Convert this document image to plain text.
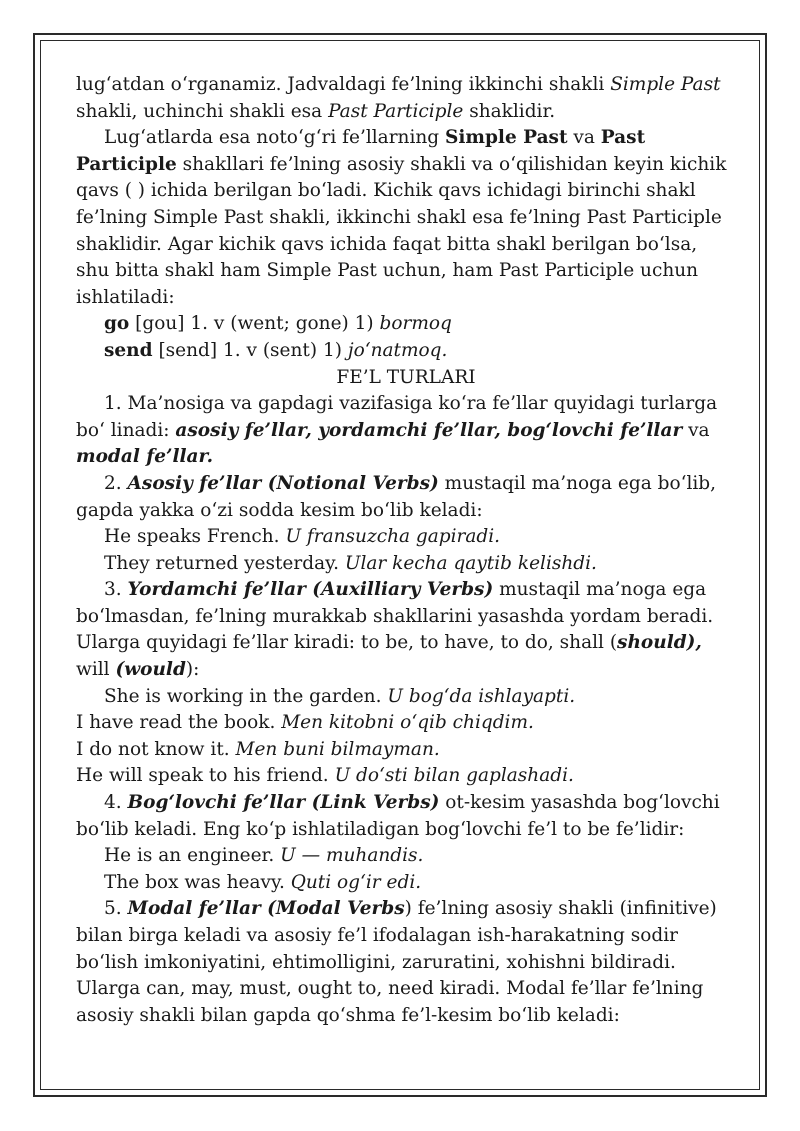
lug‘atdan o‘rganamiz. Jadvaldagi fe’lning ikkinchi shakli Simple Past shakli, uchinchi shakli esa Past Participle shaklidir.

Lug‘atlarda esa noto‘g‘ri fe’llarning Simple Past va Past Participle shakllari fe’lning asosiy shakli va o‘qilishidan keyin kichik qavs ( ) ichida berilgan bo‘ladi. Kichik qavs ichidagi birinchi shakl fe’lning Simple Past shakli, ikkinchi shakl esa fe’lning Past Participle shaklidir. Agar kichik qavs ichida faqat bitta shakl berilgan bo‘lsa, shu bitta shakl ham Simple Past uchun, ham Past Participle uchun ishlatiladi:

go [gou] 1. v (went; gone) 1) bormoq

send [send] 1. v (sent) 1) jo‘natmoq.

FE’L TURLARI

1. Ma’nosiga va gapdagi vazifasiga ko‘ra fe’llar quyidagi turlarga bo‘ linadi: asosiy fe’llar, yordamchi fe’llar, bog‘lovchi fe’llar va modal fe’llar.

2. Asosiy fe’llar (Notional Verbs) mustaqil ma’noga ega bo‘lib, gapda yakka o‘zi sodda kesim bo‘lib keladi:

He speaks French. U fransuzcha gapiradi.

They returned yesterday. Ular kecha qaytib kelishdi.

3. Yordamchi fe’llar (Auxilliary Verbs) mustaqil ma’noga ega bo‘lmasdan, fe’lning murakkab shakllarini yasashda yordam beradi. Ularga quyidagi fe’llar kiradi: to be, to have, to do, shall (should), will (would):

She is working in the garden. U bog‘da ishlayapti.

I have read the book. Men kitobni o‘qib chiqdim.

I do not know it. Men buni bilmayman.

He will speak to his friend. U do‘sti bilan gaplashadi.

4. Bog‘lovchi fe’llar (Link Verbs) ot-kesim yasashda bog‘lovchi bo‘lib keladi. Eng ko‘p ishlatiladigan bog‘lovchi fe’l to be fe’lidir:

He is an engineer. U — muhandis.

The box was heavy. Quti og‘ir edi.

5. Modal fe’llar (Modal Verbs) fe’lning asosiy shakli (infinitive) bilan birga keladi va asosiy fe’l ifodalagan ish-harakatning sodir bo‘lish imkoniyatini, ehtimolligini, zaruratini, xohishni bildiradi. Ularga can, may, must, ought to, need kiradi. Modal fe’llar fe’lning asosiy shakli bilan gapda qo‘shma fe’l-kesim bo‘lib keladi:
